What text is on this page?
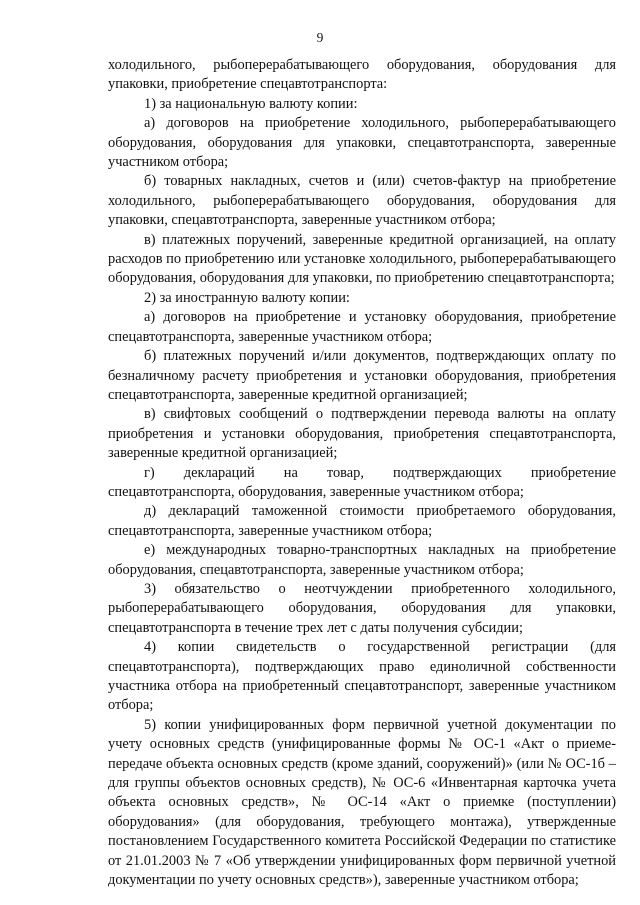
9

холодильного, рыбоперерабатывающего оборудования, оборудования для упаковки, приобретение спецавтотранспорта:

1) за национальную валюту копии:

а) договоров на приобретение холодильного, рыбоперерабатывающего оборудования, оборудования для упаковки, спецавтотранспорта, заверенные участником отбора;

б) товарных накладных, счетов и (или) счетов-фактур на приобретение холодильного, рыбоперерабатывающего оборудования, оборудования для упаковки, спецавтотранспорта, заверенные участником отбора;

в) платежных поручений, заверенные кредитной организацией, на оплату расходов по приобретению или установке холодильного, рыбоперерабатывающего оборудования, оборудования для упаковки, по приобретению спецавтотранспорта;

2) за иностранную валюту копии:

а) договоров на приобретение и установку оборудования, приобретение спецавтотранспорта, заверенные участником отбора;

б) платежных поручений и/или документов, подтверждающих оплату по безналичному расчету приобретения и установки оборудования, приобретения спецавтотранспорта, заверенные кредитной организацией;

в) свифтовых сообщений о подтверждении перевода валюты на оплату приобретения и установки оборудования, приобретения спецавтотранспорта, заверенные кредитной организацией;

г) деклараций на товар, подтверждающих приобретение спецавтотранспорта, оборудования, заверенные участником отбора;

д) деклараций таможенной стоимости приобретаемого оборудования, спецавтотранспорта, заверенные участником отбора;

е) международных товарно-транспортных накладных на приобретение оборудования, спецавтотранспорта, заверенные участником отбора;

3) обязательство о неотчуждении приобретенного холодильного, рыбоперерабатывающего оборудования, оборудования для упаковки, спецавтотранспорта в течение трех лет с даты получения субсидии;

4) копии свидетельств о государственной регистрации (для спецавтотранспорта), подтверждающих право единоличной собственности участника отбора на приобретенный спецавтотранспорт, заверенные участником отбора;

5) копии унифицированных форм первичной учетной документации по учету основных средств (унифицированные формы № ОС-1 «Акт о приеме-передаче объекта основных средств (кроме зданий, сооружений)» (или № ОС-1б – для группы объектов основных средств), № ОС-6 «Инвентарная карточка учета объекта основных средств», № ОС-14 «Акт о приемке (поступлении) оборудования» (для оборудования, требующего монтажа), утвержденные постановлением Государственного комитета Российской Федерации по статистике от 21.01.2003 № 7 «Об утверждении унифицированных форм первичной учетной документации по учету основных средств»), заверенные участником отбора;
